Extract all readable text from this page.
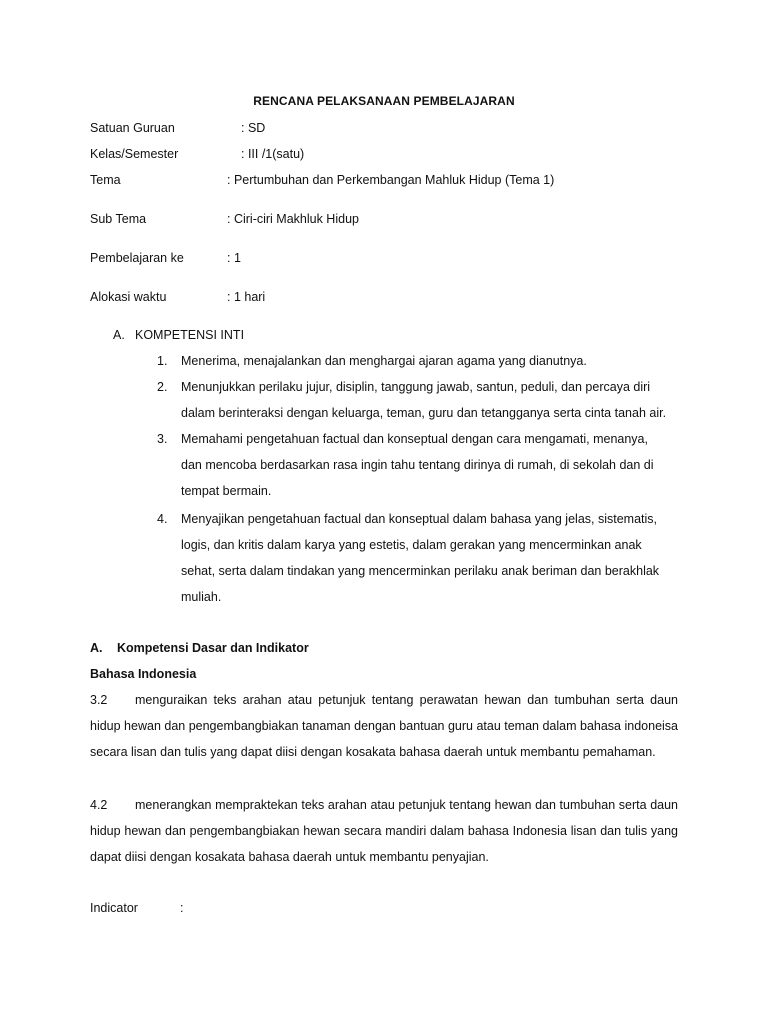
RENCANA PELAKSANAAN PEMBELAJARAN
Satuan Guruan	: SD
Kelas/Semester	: III /1(satu)
Tema	: Pertumbuhan dan Perkembangan Mahluk Hidup (Tema 1)
Sub Tema	: Ciri-ciri Makhluk Hidup
Pembelajaran ke	: 1
Alokasi waktu	: 1 hari
A. KOMPETENSI INTI
1.	Menerima, menajalankan dan menghargai ajaran agama yang dianutnya.
2.	Menunjukkan perilaku jujur, disiplin, tanggung jawab, santun, peduli, dan percaya diri dalam berinteraksi dengan keluarga, teman, guru dan tetangganya serta cinta tanah air.
3.	Memahami pengetahuan factual dan konseptual dengan cara mengamati, menanya, dan mencoba berdasarkan rasa ingin tahu tentang dirinya di rumah, di sekolah dan di tempat bermain.
4.	Menyajikan pengetahuan factual dan konseptual dalam bahasa yang jelas, sistematis, logis, dan kritis dalam karya yang estetis, dalam gerakan yang mencerminkan anak sehat, serta dalam tindakan yang mencerminkan perilaku anak beriman dan berakhlak muliah.
A. Kompetensi Dasar dan Indikator
Bahasa Indonesia
3.2 menguraikan teks arahan atau petunjuk tentang perawatan hewan dan tumbuhan serta daun hidup hewan dan pengembangbiakan tanaman dengan bantuan guru atau teman dalam bahasa indoneisa secara lisan dan tulis yang dapat diisi dengan kosakata bahasa daerah untuk membantu pemahaman.
4.2 menerangkan mempraktekan teks arahan atau petunjuk tentang hewan dan tumbuhan serta daun hidup hewan dan pengembangbiakan hewan secara mandiri dalam bahasa Indonesia lisan dan tulis yang dapat diisi dengan kosakata bahasa daerah untuk membantu penyajian.
Indicator	:
